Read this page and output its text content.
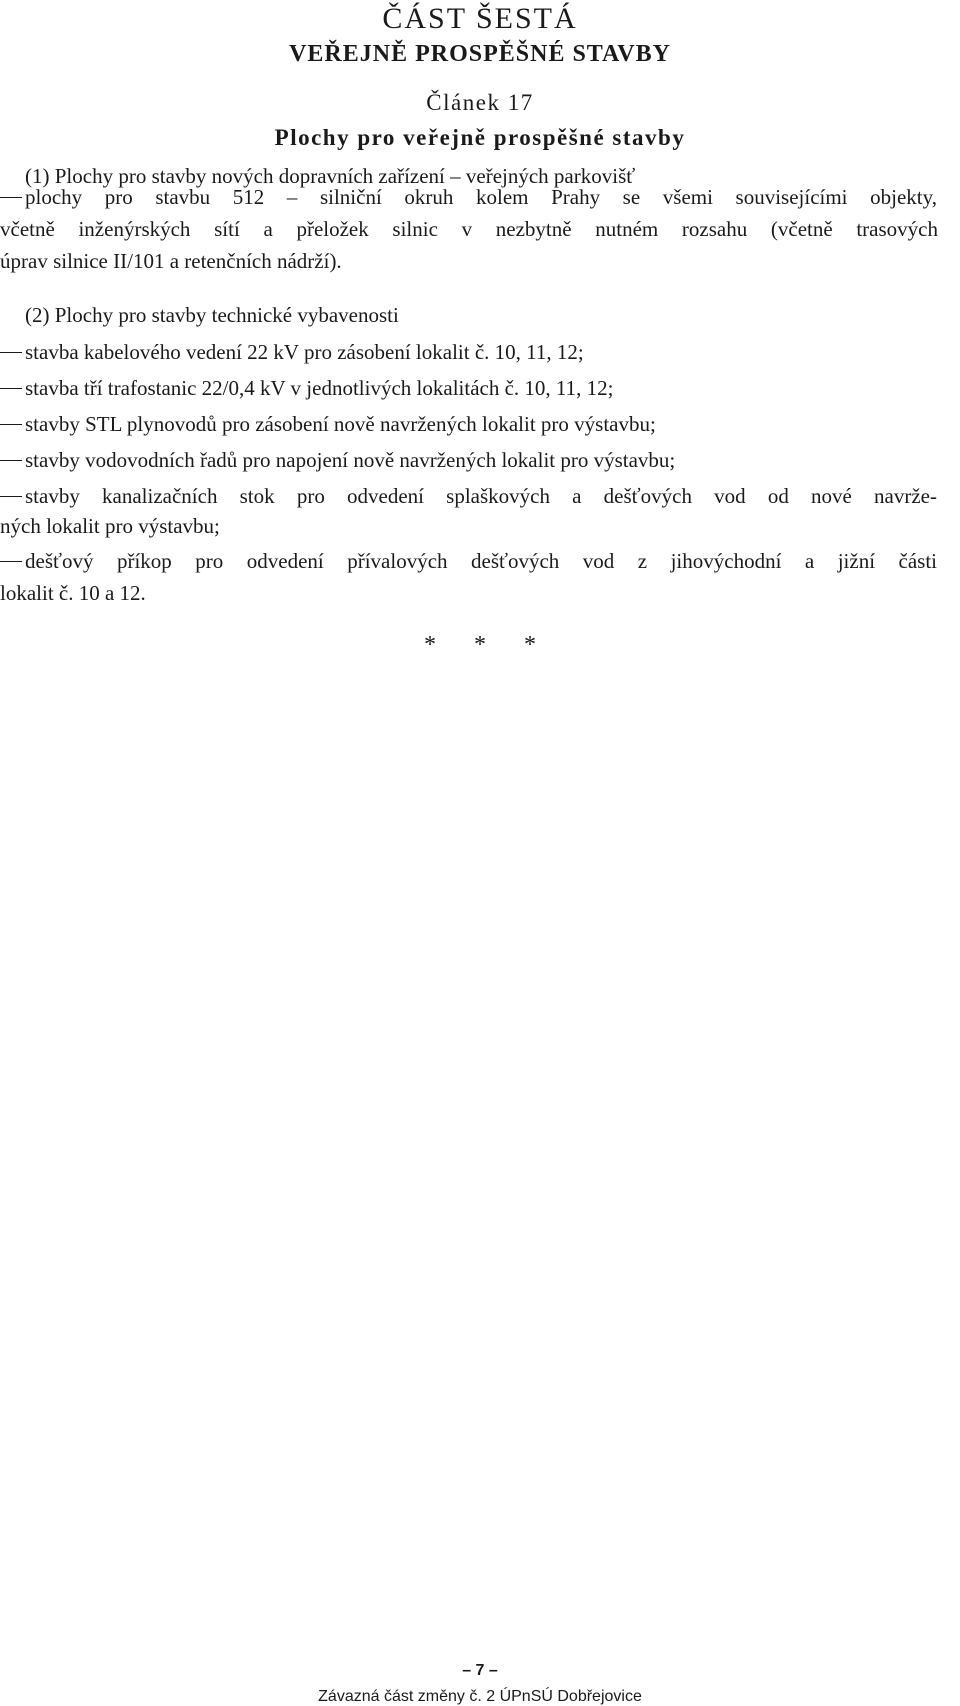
ČÁST ŠESTÁ
VEŘEJNĚ PROSPĚŠNÉ STAVBY
Článek 17
Plochy pro veřejně prospěšné stavby
(1) Plochy pro stavby nových dopravních zařízení – veřejných parkovišť
plochy pro stavbu 512 – silniční okruh kolem Prahy se všemi souvisejícími objekty,
včetně inženýrských sítí a přeložek silnic v nezbytně nutném rozsahu (včetně trasových
úprav silnice II/101 a retenčních nádrží).
(2) Plochy pro stavby technické vybavenosti
stavba kabelového vedení 22 kV pro zásobení lokalit č. 10, 11, 12;
stavba tří trafostanic 22/0,4 kV v jednotlivých lokalitách č. 10, 11, 12;
stavby STL plynovodů pro zásobení nově navržených lokalit pro výstavbu;
stavby vodovodních řadů pro napojení nově navržených lokalit pro výstavbu;
stavby kanalizačních stok pro odvedení splaškových a dešťových vod od nové navrže-
ných lokalit pro výstavbu;
dešťový příkop pro odvedení přívalových dešťových vod z jihovýchodní a jižní části
lokalit č. 10 a 12.
* * *
– 7 –
Závazná část změny č. 2 ÚPnSÚ Dobřejovice
